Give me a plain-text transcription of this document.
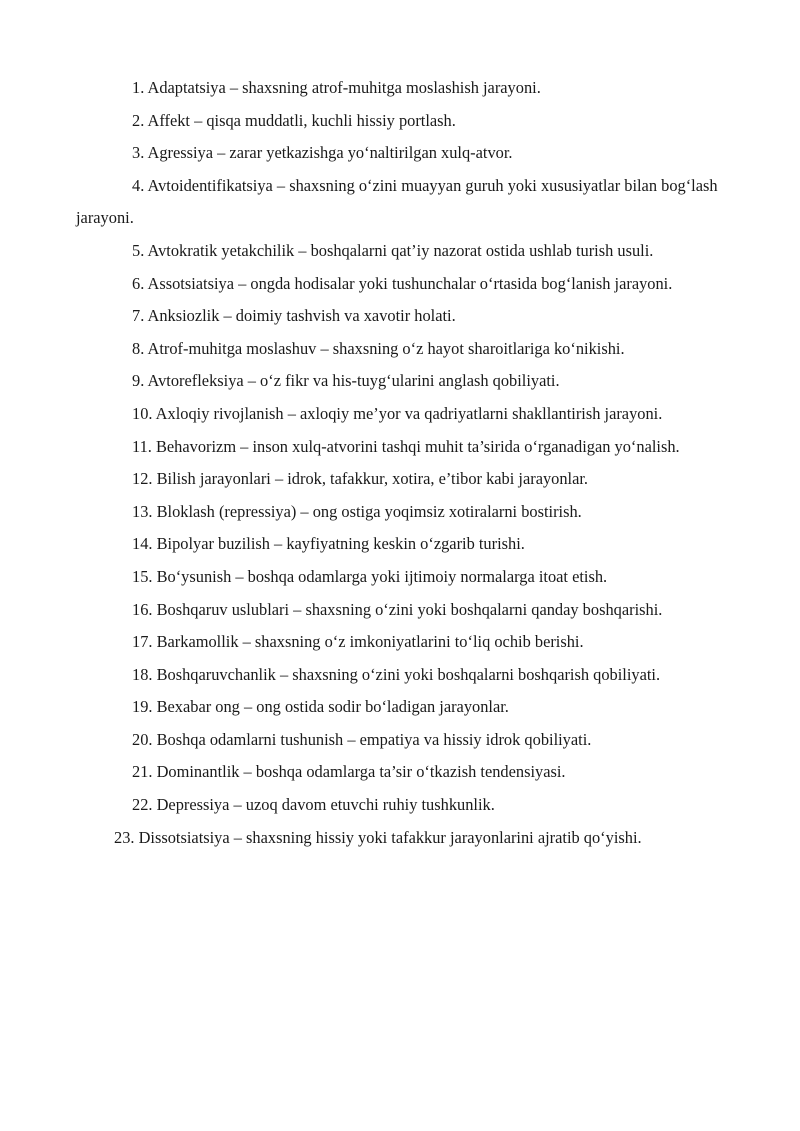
1. Adaptatsiya – shaxsning atrof-muhitga moslashish jarayoni.
2. Affekt – qisqa muddatli, kuchli hissiy portlash.
3. Agressiya – zarar yetkazishga yo‘naltirilgan xulq-atvor.
4. Avtoidentifikatsiya – shaxsning o‘zini muayyan guruh yoki xususiyatlar bilan bog‘lash jarayoni.
5. Avtokratik yetakchilik – boshqalarni qat’iy nazorat ostida ushlab turish usuli.
6. Assotsiatsiya – ongda hodisalar yoki tushunchalar o‘rtasida bog‘lanish jarayoni.
7. Anksiozlik – doimiy tashvish va xavotir holati.
8. Atrof-muhitga moslashuv – shaxsning o‘z hayot sharoitlariga ko‘nikishi.
9. Avtorefleksiya – o‘z fikr va his-tuyg‘ularini anglash qobiliyati.
10. Axloqiy rivojlanish – axloqiy me’yor va qadriyatlarni shakllantirish jarayoni.
11. Behavorizm – inson xulq-atvorini tashqi muhit ta’sirida o‘rganadigan yo‘nalish.
12. Bilish jarayonlari – idrok, tafakkur, xotira, e’tibor kabi jarayonlar.
13. Bloklash (repressiya) – ong ostiga yoqimsiz xotiralarni bostirish.
14. Bipolyar buzilish – kayfiyatning keskin o‘zgarib turishi.
15. Bo‘ysunish – boshqa odamlarga yoki ijtimoiy normalarga itoat etish.
16. Boshqaruv uslublari – shaxsning o‘zini yoki boshqalarni qanday boshqarishi.
17. Barkamollik – shaxsning o‘z imkoniyatlarini to‘liq ochib berishi.
18. Boshqaruvchanlik – shaxsning o‘zini yoki boshqalarni boshqarish qobiliyati.
19. Bexabar ong – ong ostida sodir bo‘ladigan jarayonlar.
20. Boshqa odamlarni tushunish – empatiya va hissiy idrok qobiliyati.
21. Dominantlik – boshqa odamlarga ta’sir o‘tkazish tendensiyasi.
22. Depressiya – uzoq davom etuvchi ruhiy tushkunlik.
23. Dissotsiatsiya – shaxsning hissiy yoki tafakkur jarayonlarini ajratib qo‘yishi.
